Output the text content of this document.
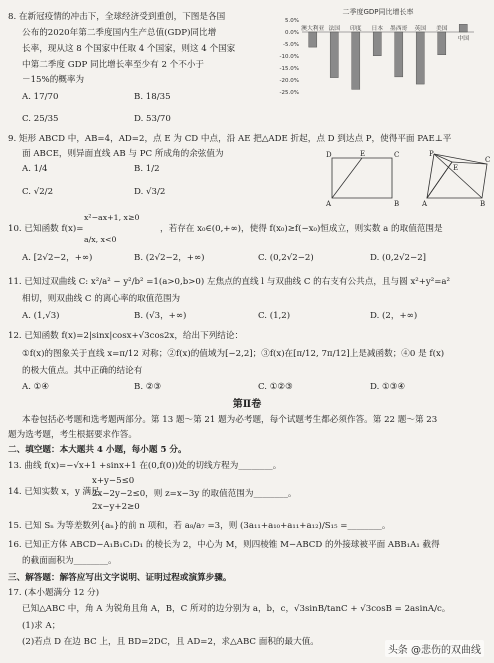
8. 在新冠疫情的冲击下，全球经济受到重创，下图是各国
公布的2020年第二季度国内生产总值(GDP)同比增
长率，现从这 8 个国家中任取 4 个国家，则这 4 个国家
中第二季度 GDP 同比增长率至少有 2 个不小于
－15%的概率为
A. 17/70	B. 18/35
C. 25/35	D. 53/70
二季度GDP同比增长率
5.0%
0.0%
-5.0%
-10.0%
-15.0%
-20.0%
-25.0%
澳大利亚 法国 印度 日本 墨西哥 英国 美国
中国
9. 矩形 ABCD 中，AB=4，AD=2，点 E 为 CD 中点，沿 AE 把△ADE 折起，点 D 到达点 P，使得平面 PAE⊥平
面 ABCE，则异面直线 AB 与 PC 所成角的余弦值为
A. 1/4	B. 1/2
C. √2/2	D. √3/2
D	E	C
A	B
P
E
C
A	B
10. 已知函数 f(x)=
x²−ax+1, x≥0
a/x, x<0
，若存在 x₀∈(0,+∞)，使得 f(x₀)≥f(−x₀)恒成立，则实数 a 的取值范围是
A. [2√2−2，+∞)	B. (2√2−2，+∞)	C. (0,2√2−2)	D. (0,2√2−2]
11. 已知过双曲线 C: x²/a² − y²/b² =1(a>0,b>0) 左焦点的直线 l 与双曲线 C 的右支有公共点，且与圆 x²+y²=a²
相切，则双曲线 C 的离心率的取值范围为
A. (1,√3)	B. (√3，+∞)	C. (1,2)	D. (2，+∞)
12. 已知函数 f(x)=2|sinx|cosx+√3cos2x，给出下列结论：
①f(x)的图象关于直线 x=π/12 对称；②f(x)的值域为[−2,2]；③f(x)在[π/12, 7π/12]上是减函数；④0 是 f(x)
的极大值点。其中正确的结论有
A. ①④	B. ②③	C. ①②③	D. ①③④
第Ⅱ卷
本卷包括必考题和选考题两部分。第 13 题～第 21 题为必考题，每个试题考生都必须作答。第 22 题～第 23
题为选考题，考生根据要求作答。
二、填空题：本大题共 4 小题，每小题 5 分。
13. 曲线 f(x)=−√x+1 +sinx+1 在(0,f(0))处的切线方程为________。
14. 已知实数 x，y 满足
x+y−5≤0
2x−2y−2≤0，则 z=x−3y 的取值范围为________。
2x−y+2≥0
15. 已知 Sₙ 为等差数列{aₙ}的前 n 项和，若 a₈/a₇ =3，则 (3a₁₁+a₁₀+a₁₁+a₁₂)/S₁₅ =________。
16. 已知正方体 ABCD−A₁B₁C₁D₁ 的棱长为 2，中心为 M，则四棱锥 M−ABCD 的外接球被平面 ABB₁A₁ 截得
的截面面积为________。
三、解答题：解答应写出文字说明、证明过程或演算步骤。
17. (本小题满分 12 分)
已知△ABC 中，角 A 为锐角且角 A，B，C 所对的边分别为 a，b，c，√3sinB/tanC + √3cosB = 2asinA/c。
(1)求 A；
(2)若点 D 在边 BC 上，且 BD=2DC，且 AD=2，求△ABC 面积的最大值。
头条 @悲伤的双曲线
